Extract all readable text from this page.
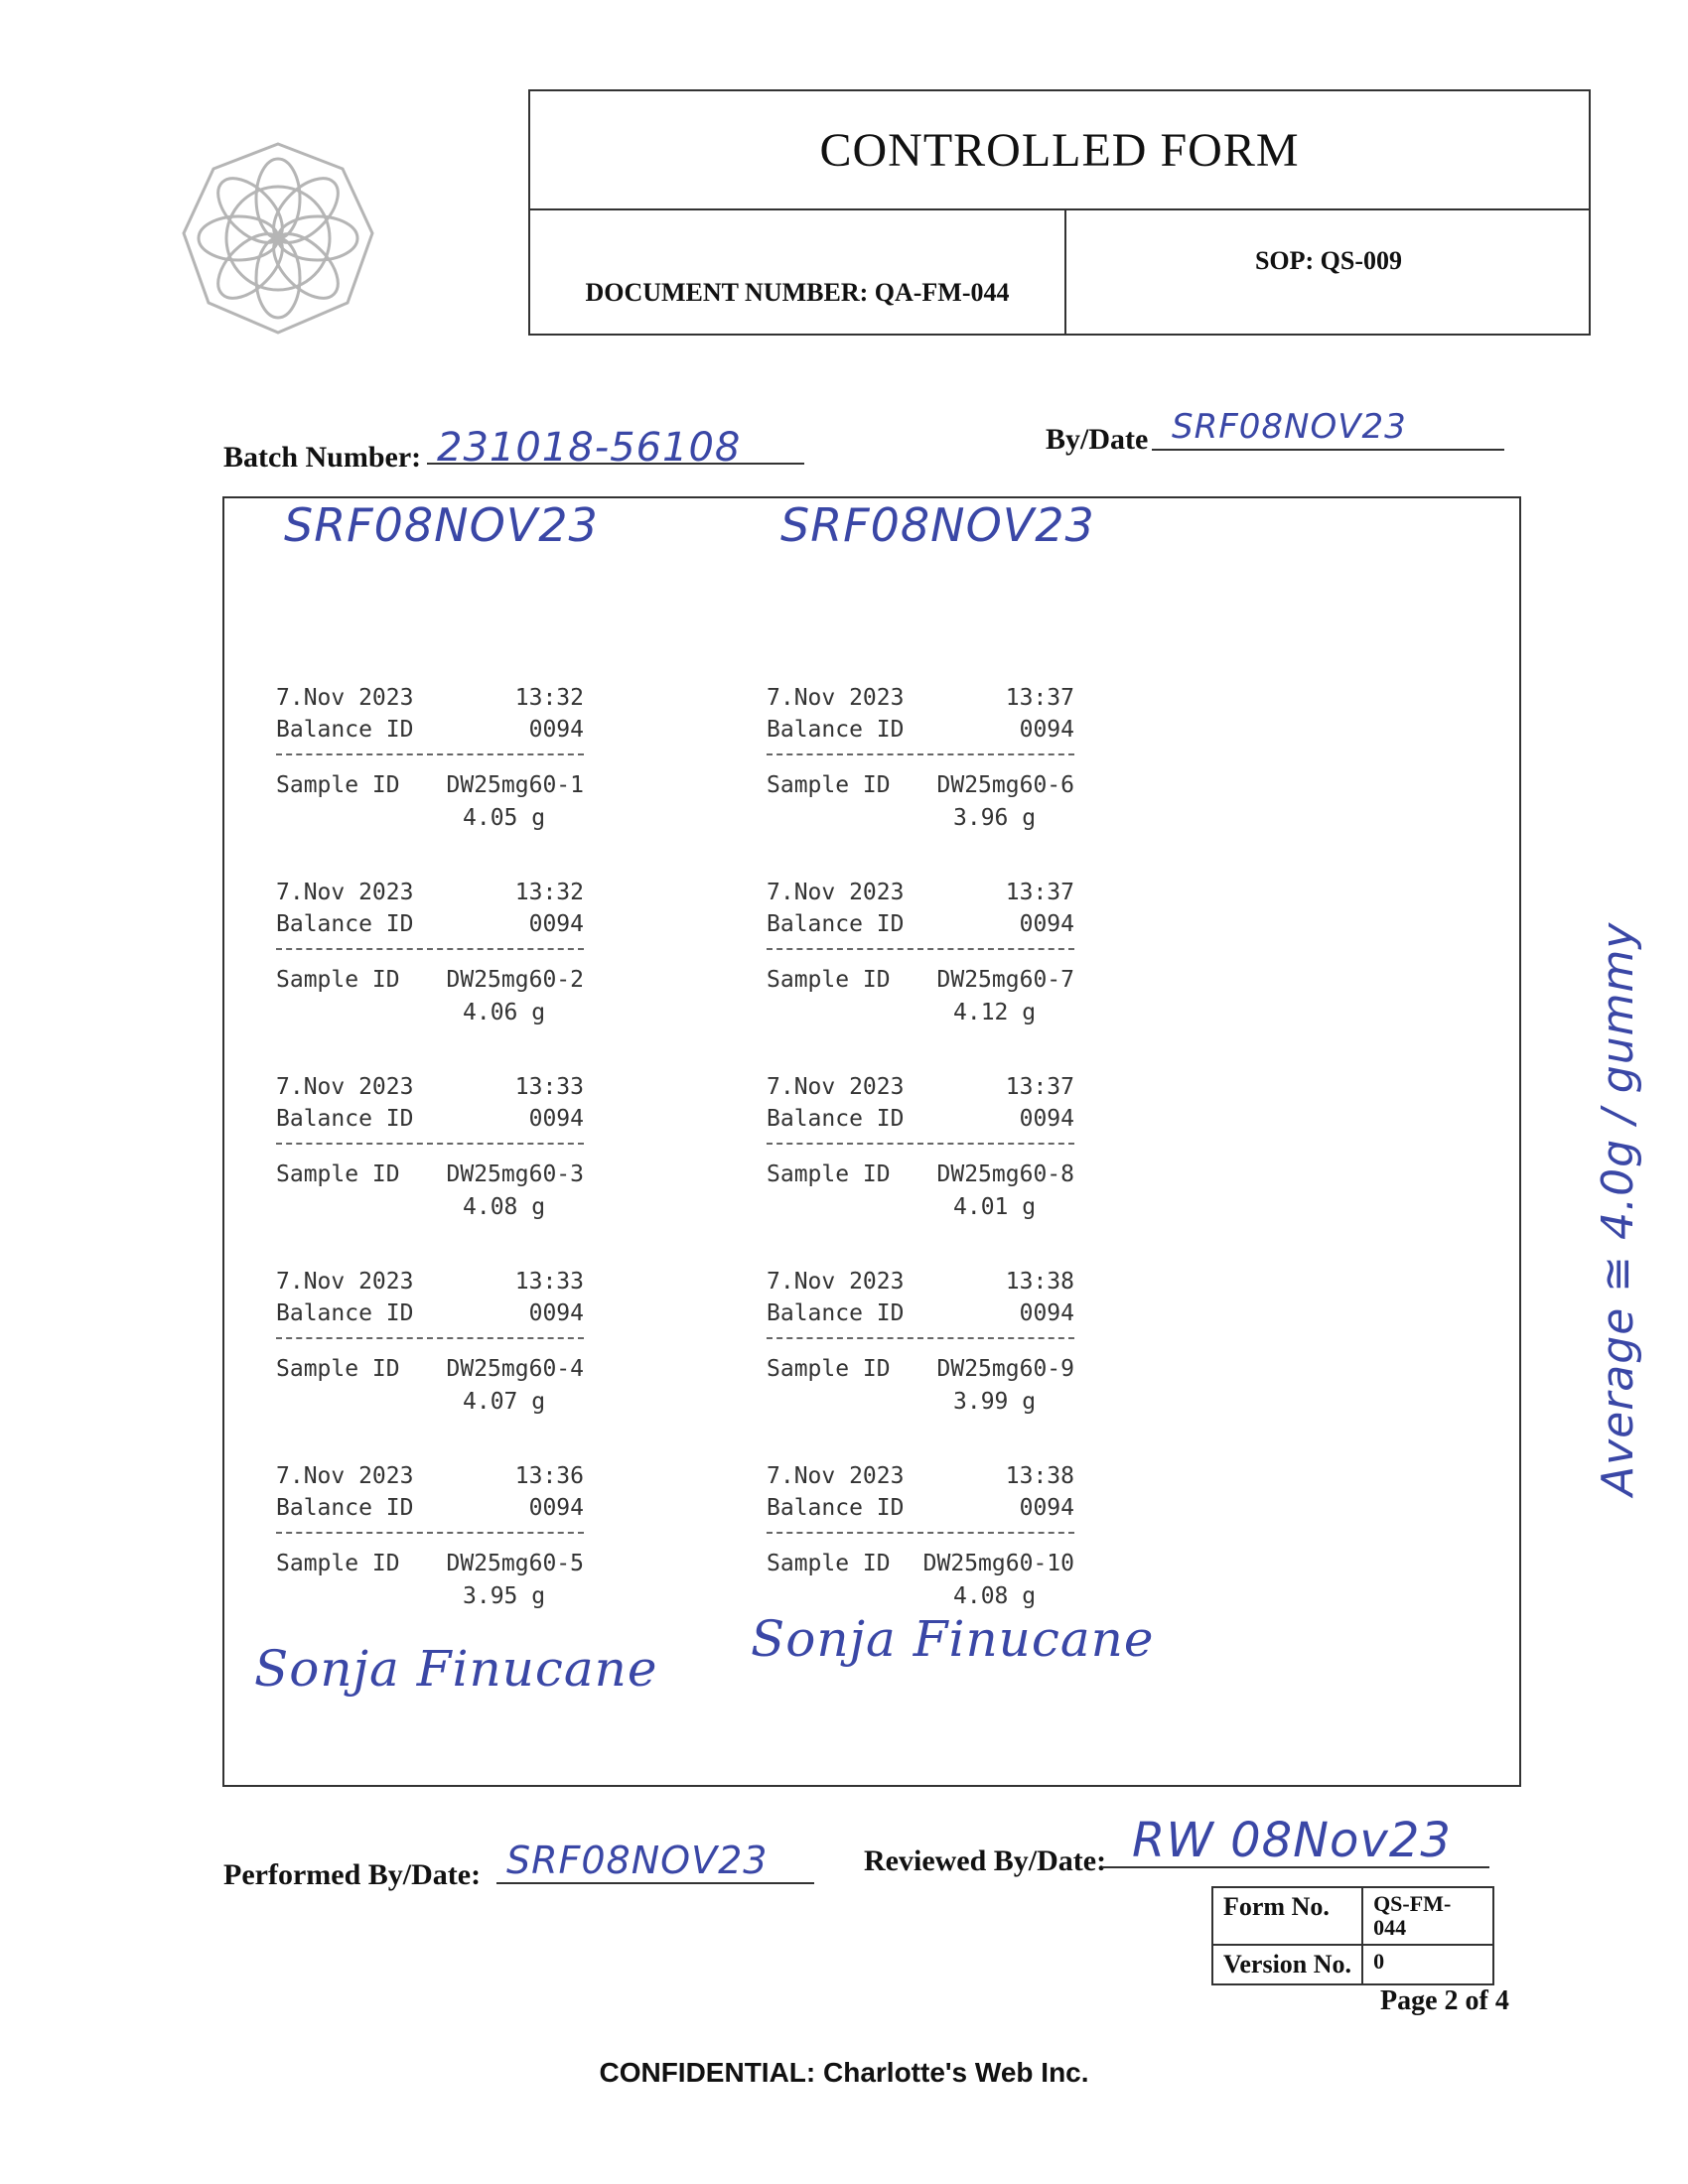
CONTROLLED FORM
DOCUMENT NUMBER: QA-FM-044
SOP: QS-009
Batch Number: 231018-56108	By/Date SRF08NOV23
SRF08NOV23	SRF08NOV23
7.Nov 2023	13:32
Balance ID	0094
Sample ID DW25mg60-1
4.05 g
7.Nov 2023	13:32
Balance ID	0094
Sample ID DW25mg60-2
4.06 g
7.Nov 2023	13:33
Balance ID	0094
Sample ID DW25mg60-3
4.08 g
7.Nov 2023	13:33
Balance ID	0094
Sample ID DW25mg60-4
4.07 g
7.Nov 2023	13:36
Balance ID	0094
Sample ID DW25mg60-5
3.95 g
7.Nov 2023	13:37
Balance ID	0094
Sample ID DW25mg60-6
3.96 g
7.Nov 2023	13:37
Balance ID	0094
Sample ID DW25mg60-7
4.12 g
7.Nov 2023	13:37
Balance ID	0094
Sample ID DW25mg60-8
4.01 g
7.Nov 2023	13:38
Balance ID	0094
Sample ID DW25mg60-9
3.99 g
7.Nov 2023	13:38
Balance ID	0094
Sample ID DW25mg60-10
4.08 g
Sonja Finucane
Sonja Finucane
Average ≅ 4.0g / gummy
Performed By/Date: SRF08NOV23	Reviewed By/Date: RW 08Nov23
Form No.	QS-FM-044
Version No.	0
Page 2 of 4
CONFIDENTIAL: Charlotte's Web Inc.
